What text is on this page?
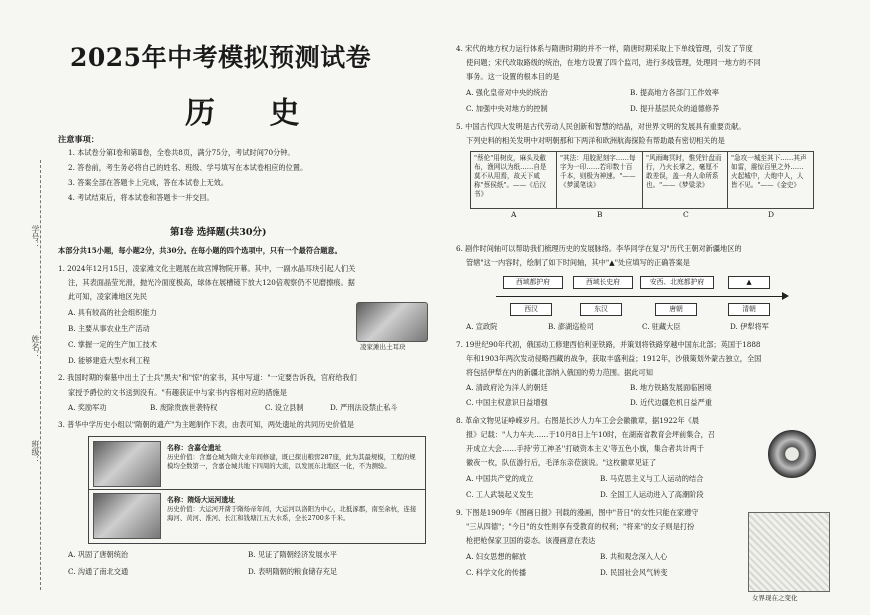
学号：
姓名：
班级：
2025年中考模拟预测试卷
历 史
注意事项：
1. 本试卷分第Ⅰ卷和第Ⅱ卷，全卷共8页，满分75分，考试时间70分钟。
2. 答卷前，考生务必将自己的姓名、班级、学号填写在本试卷相应的位置。
3. 答案全部在答题卡上完成，答在本试卷上无效。
4. 考试结束后，将本试卷和答题卡一并交回。
第Ⅰ卷 选择题(共30分)
本部分共15小题，每小题2分，共30分。在每小题的四个选项中，只有一个最符合题意。
1. 2024年12月15日，凌家滩文化主题展在故宫博物院开幕。其中，一副水晶耳玦引起人们关
注，其表面晶莹光滑，抛光冷面度极高，球体在展槽镜下放大120倍观察仍不见磨擦痕。据
此可知，凌家滩地区先民
A. 具有较高的社会组织能力
B. 主要从事农业生产活动
C. 掌握一定的生产加工技术
D. 能够建造大型水利工程
凌家滩出土耳玦
2. 我国时期的秦墓中出土了士兵"黑夫"和"惊"的家书，其中写道："一定要告诉我，官府给我们
家授予爵位的文书送到没有。"有趣获证中与家书内容相对应的措施是
A. 奖励军功	B. 废除贵族世袭特权	C. 设立县制	D. 严刑法设禁止私斗
3. 普华中学历史小组以"隋朝的遗产"为主题制作下表，由表可知，两处遗址的共同历史价值是
名称：含嘉仓遗址
历史价值：含嘉仓城为隋大业年间修建，既已探出粮窖287座，此为其最规模，工程的规模均全数第一，含嘉仓城共地下四周的大流，以发展东北地区一化，不为测验。
名称：隋炀大运河遗址
历史价值：大运河开凿于隋炀帝年间，大运河以洛阳为中心，北抵涿郡，南至余杭，连接海河、黄河、淮河、长江和钱塘江五大水系，全长2700多千米。
A. 巩固了唐朝统治	B. 见证了隋朝经济发展水平
C. 沟通了南北交通	D. 表明隋朝的粮食储存充足
4. 宋代的地方权力运行体系与隋唐时期的并不一样，隋唐时期采取上下单线管理，引发了节度
使问题；宋代改取路级的统治，在地方设置了四个监司，进行多线管理，处理同一地方的不同
事务。这一设置的根本目的是
A. 强化皇帝对中央的统治	B. 提高地方各部门工作效率
C. 加强中央对地方的控制	D. 提升基层民众的道德修养
5. 中国古代四大发明是古代劳动人民创新和智慧的结晶，对世界文明的发展具有重要贡献。
下列史料的相关发明中对明朝那和下两洋和欧洲航海探险有帮助最有密切相关的是
"蔡伦"用树皮，麻头及敝布，渔网以为纸……自是莫不从用焉，故天下咸称"蔡侯纸"。——《后汉书》
"其法：用胶泥刻字……每字为一印……若印数十百千本，则极为神速。"——《梦溪笔谈》
"风雨晦冥时，惟凭针盘而行，乃火长掌之，毫厘不敢差误，盖一舟人命所系也。"——《梦粱录》
"急攻一城至其下……其声如雷，震惊百里之外……火起城中，大炮中人，人皆不见。"——《金史》
A	B	C	D
6. 剧作时间轴可以帮助我们梳理历史的发展脉络。李华同学在复习"历代王朝对新疆地区的
管辖"这一内容时，绘制了如下时间轴，其中"▲"处应填写的正确答案是
西域都护府	西域长史府	安西、北庭都护府	▲
西汉	东汉	唐朝	清朝
A. 宣政院	B. 澎湖巡检司	C. 驻藏大臣	D. 伊犁将军
7. 19世纪90年代初，俄国动工修建西伯利亚铁路，并策划将铁路穿越中国东北部；英国于1888
年和1903年两次发动侵略西藏的战争，获取丰盛利益；1912年，沙俄策划外蒙古独立，全国
将包括伊犁在内的新疆北部纳入俄国的势力范围。据此可知
A. 清政府沦为洋人的朝廷	B. 地方铁路发展面临困境
C. 中国主权意识日益增强	D. 近代边疆危机日益严重
8. 革命文物见证峥嵘岁月。右图是长沙人力车工会会徽徽章，据1922年《晨
报》记载："人力车夫……于10月8日上午10时，在湖南省教育会坪前集合，召
开成立大会……手持'劳工神圣''打破资本主义'等五色小旗，集合者共计两千
徽夜一枚，队伍游行后，毛泽东亲莅演说。"这枚徽章见证了
A. 中国共产党的成立	B. 马克思主义与工人运动的结合
C. 工人武装起义发生	D. 全国工人运动进入了高潮阶段
9. 下图是1909年《图画日报》刊载的漫画，图中"昔日"的女性只能在家遵守
"三从四德"；"今日"的女性则享有受教育的权利；"将来"的女子则是打扮
枪把枪保家卫国的姿态。该漫画意在表达
A. 妇女思想的解放	B. 共和观念深入人心
C. 科学文化的传播	D. 民国社会风气转变
女界现在之变化
